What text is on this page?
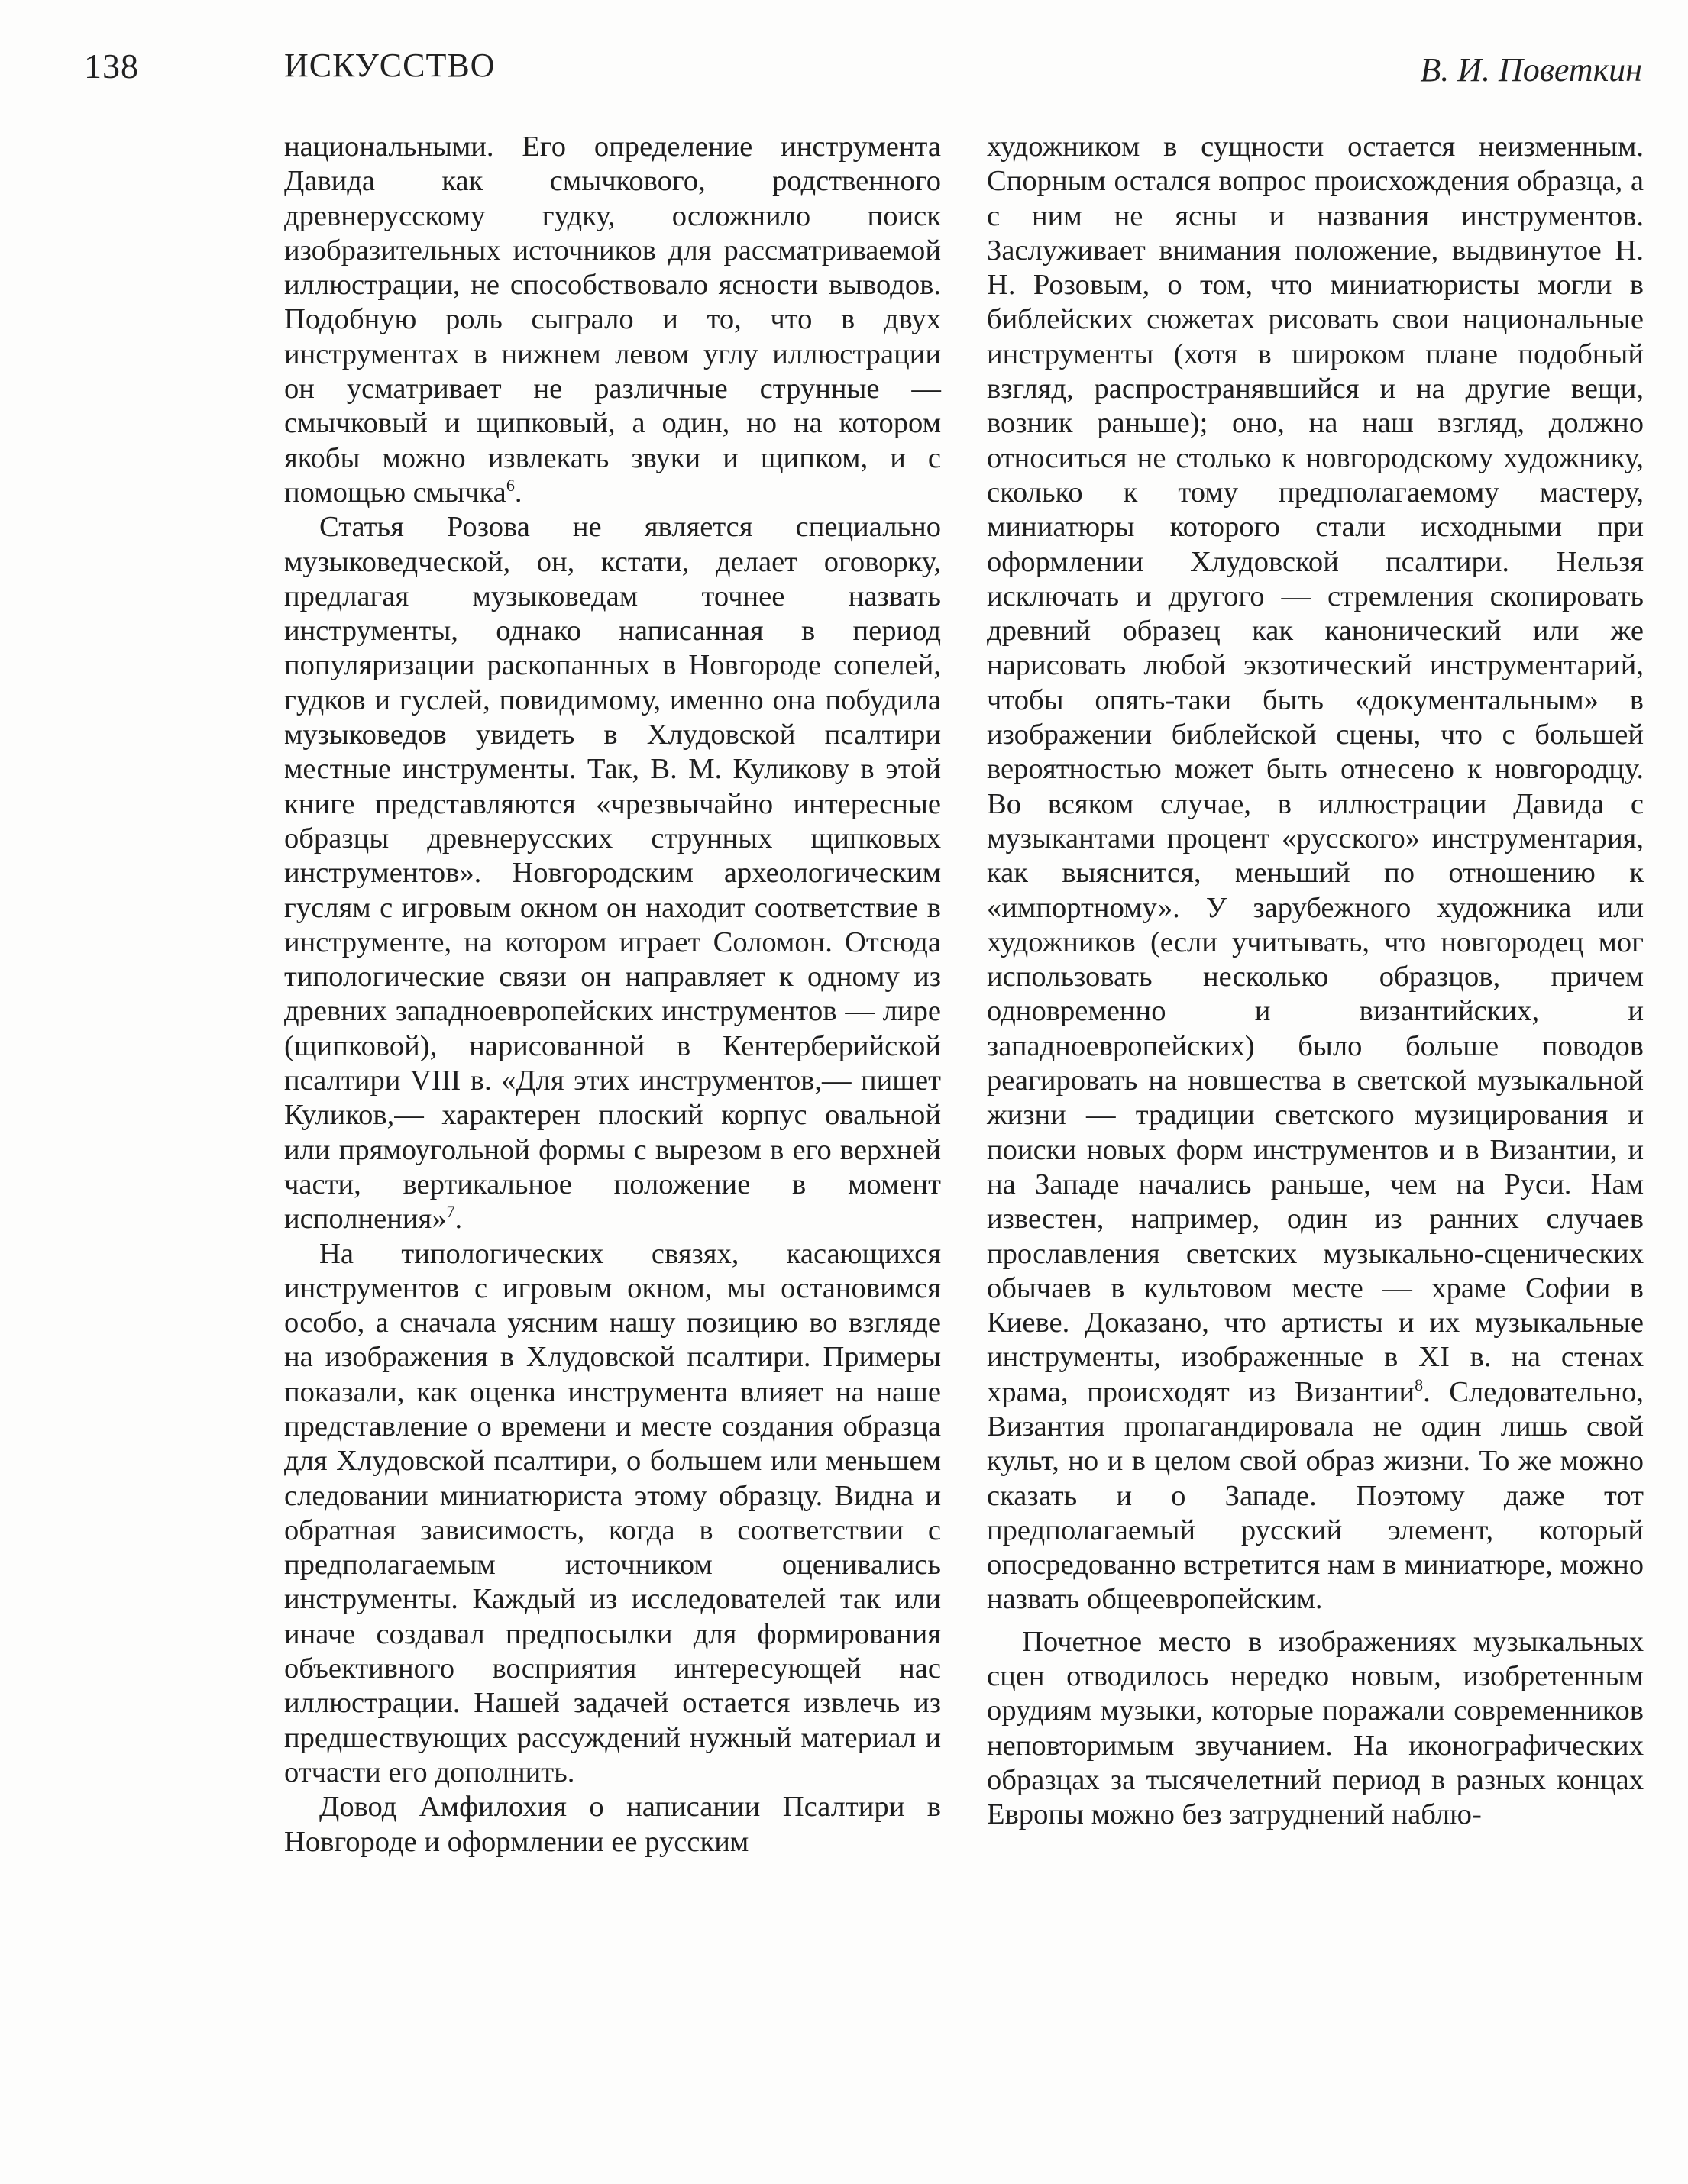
138	ИСКУССТВО	В. И. Поветкин

национальными. Его определение инструмента Давида как смычкового, родственного древнерусскому гудку, осложнило поиск изобразительных источников для рассматриваемой иллюстрации, не способствовало ясности выводов. Подобную роль сыграло и то, что в двух инструментах в нижнем левом углу иллюстрации он усматривает не различные струнные — смычковый и щипковый, а один, но на котором якобы можно извлекать звуки и щипком, и с помощью смычка$^6$.

Статья Розова не является специально музыковедческой, он, кстати, делает оговорку, предлагая музыковедам точнее назвать инструменты, однако написанная в период популяризации раскопанных в Новгороде сопелей, гудков и гуслей, повидимому, именно она побудила музыковедов увидеть в Хлудовской псалтири местные инструменты. Так, В. М. Куликову в этой книге представляются «чрезвычайно интересные образцы древнерусских струнных щипковых инструментов». Новгородским археологическим гуслям с игровым окном он находит соответствие в инструменте, на котором играет Соломон. Отсюда типологические связи он направляет к одному из древних западноевропейских инструментов — лире (щипковой), нарисованной в Кентерберийской псалтири VIII в. «Для этих инструментов,— пишет Куликов,— характерен плоский корпус овальной или прямоугольной формы с вырезом в его верхней части, вертикальное положение в момент исполнения»$^7$.

На типологических связях, касающихся инструментов с игровым окном, мы остановимся особо, а сначала уясним нашу позицию во взгляде на изображения в Хлудовской псалтири. Примеры показали, как оценка инструмента влияет на наше представление о времени и месте создания образца для Хлудовской псалтири, о большем или меньшем следовании миниатюриста этому образцу. Видна и обратная зависимость, когда в соответствии с предполагаемым источником оценивались инструменты. Каждый из исследователей так или иначе создавал предпосылки для формирования объективного восприятия интересующей нас иллюстрации. Нашей задачей остается извлечь из предшествующих рассуждений нужный материал и отчасти его дополнить.

Довод Амфилохия о написании Псалтири в Новгороде и оформлении ее русским

художником в сущности остается неизменным. Спорным остался вопрос происхождения образца, а с ним не ясны и названия инструментов. Заслуживает внимания положение, выдвинутое Н. Н. Розовым, о том, что миниатюристы могли в библейских сюжетах рисовать свои национальные инструменты (хотя в широком плане подобный взгляд, распространявшийся и на другие вещи, возник раньше); оно, на наш взгляд, должно относиться не столько к новгородскому художнику, сколько к тому предполагаемому мастеру, миниатюры которого стали исходными при оформлении Хлудовской псалтири. Нельзя исключать и другого — стремления скопировать древний образец как канонический или же нарисовать любой экзотический инструментарий, чтобы опять-таки быть «документальным» в изображении библейской сцены, что с большей вероятностью может быть отнесено к новгородцу. Во всяком случае, в иллюстрации Давида с музыкантами процент «русского» инструментария, как выяснится, меньший по отношению к «импортному». У зарубежного художника или художников (если учитывать, что новгородец мог использовать несколько образцов, причем одновременно и византийских, и западноевропейских) было больше поводов реагировать на новшества в светской музыкальной жизни — традиции светского музицирования и поиски новых форм инструментов и в Византии, и на Западе начались раньше, чем на Руси. Нам известен, например, один из ранних случаев прославления светских музыкально-сценических обычаев в культовом месте — храме Софии в Киеве. Доказано, что артисты и их музыкальные инструменты, изображенные в XI в. на стенах храма, происходят из Византии$^8$. Следовательно, Византия пропагандировала не один лишь свой культ, но и в целом свой образ жизни. То же можно сказать и о Западе. Поэтому даже тот предполагаемый русский элемент, который опосредованно встретится нам в миниатюре, можно назвать общеевропейским.

Почетное место в изображениях музыкальных сцен отводилось нередко новым, изобретенным орудиям музыки, которые поражали современников неповторимым звучанием. На иконографических образцах за тысячелетний период в разных концах Европы можно без затруднений наблю-
